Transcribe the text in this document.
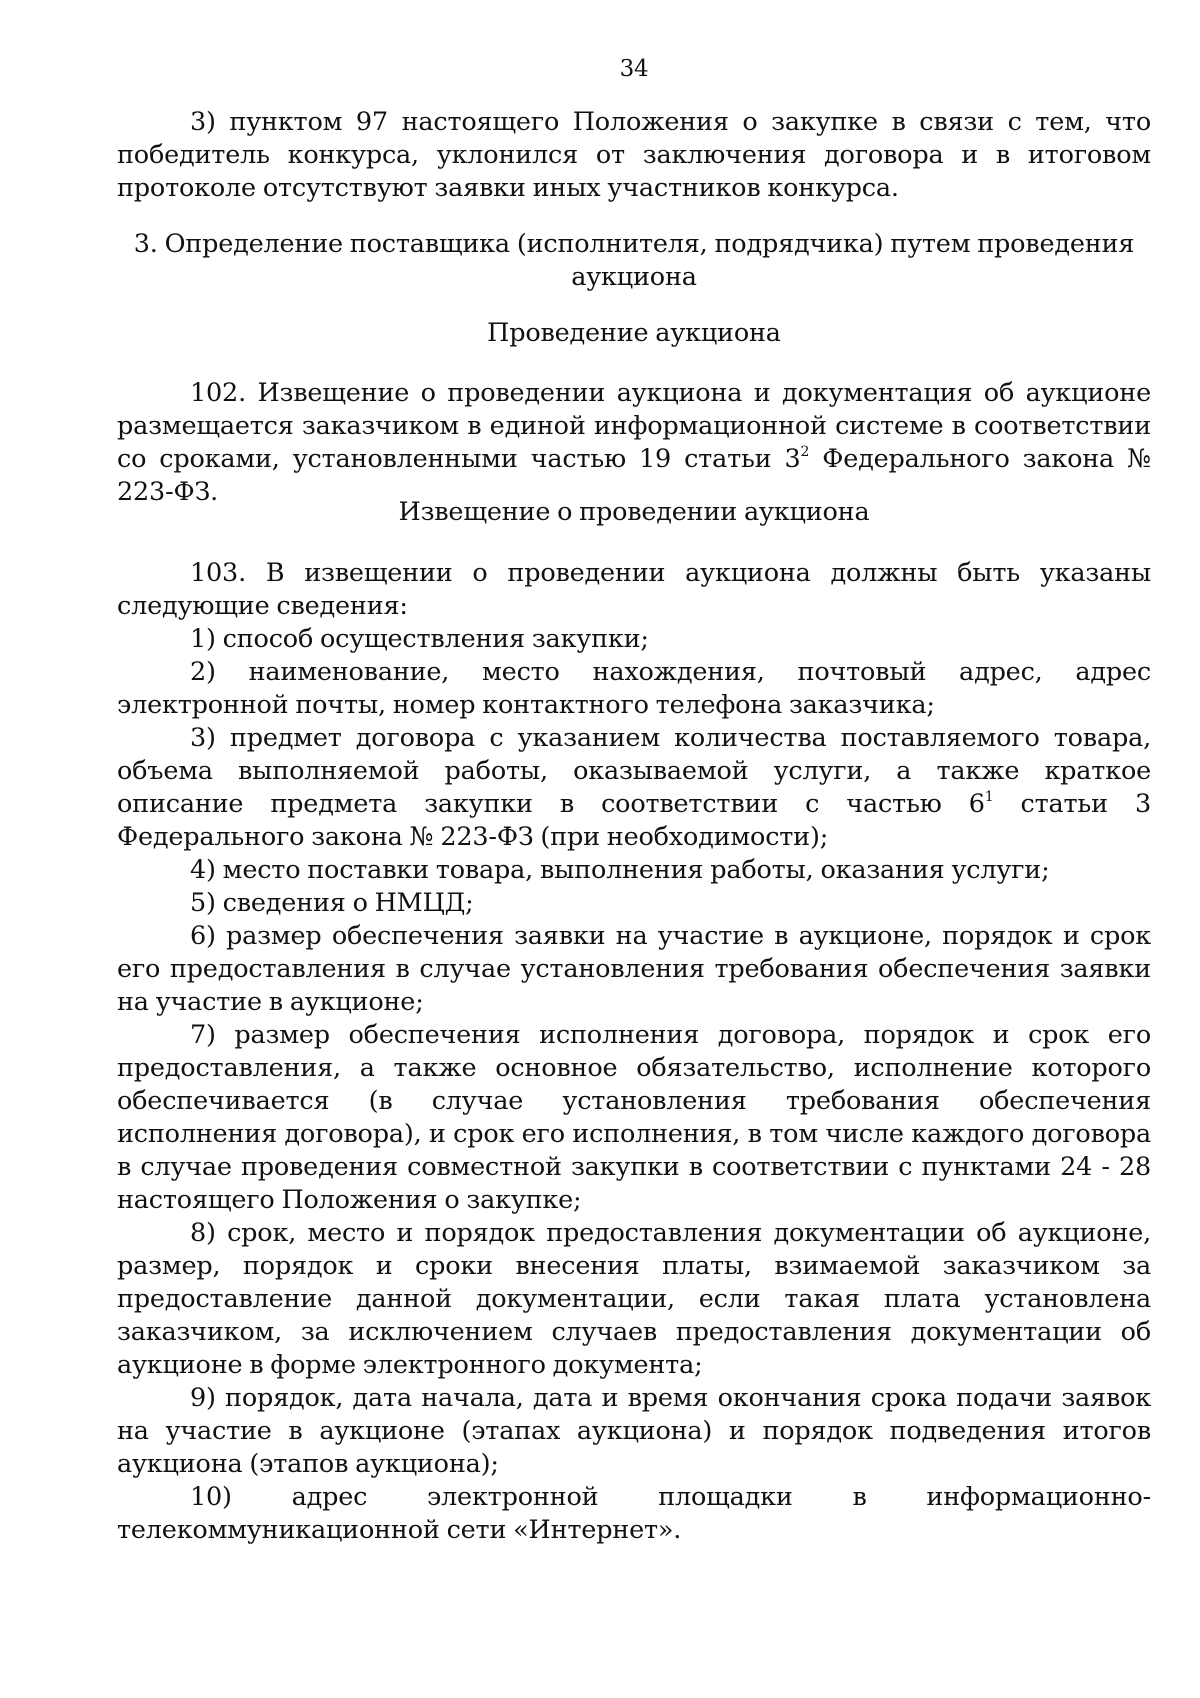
34

3) пунктом 97 настоящего Положения о закупке в связи с тем, что победитель конкурса, уклонился от заключения договора и в итоговом протоколе отсутствуют заявки иных участников конкурса.

3. Определение поставщика (исполнителя, подрядчика) путем проведения

аукциона

Проведение аукциона

102. Извещение о проведении аукциона и документация об аукционе размещается заказчиком в единой информационной системе в соответствии со сроками, установленными частью 19 статьи $3^2$ Федерального закона № 223-ФЗ.

Извещение о проведении аукциона

103. В извещении о проведении аукциона должны быть указаны следующие сведения:

1) способ осуществления закупки;

2) наименование, место нахождения, почтовый адрес, адрес электронной почты, номер контактного телефона заказчика;

3) предмет договора с указанием количества поставляемого товара, объема выполняемой работы, оказываемой услуги, а также краткое описание предмета закупки в соответствии с частью $6^1$ статьи 3 Федерального закона № 223-ФЗ (при необходимости);

4) место поставки товара, выполнения работы, оказания услуги;

5) сведения о НМЦД;

6) размер обеспечения заявки на участие в аукционе, порядок и срок его предоставления в случае установления требования обеспечения заявки на участие в аукционе;

7) размер обеспечения исполнения договора, порядок и срок его предоставления, а также основное обязательство, исполнение которого обеспечивается (в случае установления требования обеспечения исполнения договора), и срок его исполнения, в том числе каждого договора в случае проведения совместной закупки в соответствии с пунктами 24 - 28 настоящего Положения о закупке;

8) срок, место и порядок предоставления документации об аукционе, размер, порядок и сроки внесения платы, взимаемой заказчиком за предоставление данной документации, если такая плата установлена заказчиком, за исключением случаев предоставления документации об аукционе в форме электронного документа;

9) порядок, дата начала, дата и время окончания срока подачи заявок на участие в аукционе (этапах аукциона) и порядок подведения итогов аукциона (этапов аукциона);

10) адрес электронной площадки в информационно-телекоммуникационной сети «Интернет».
